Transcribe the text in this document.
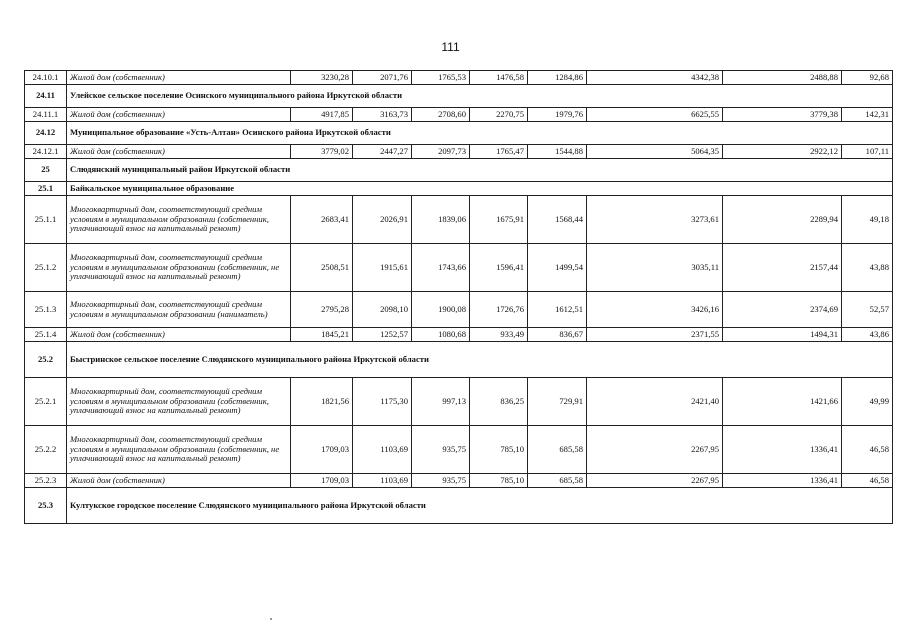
111
24.10.1	Жилой дом (собственник)	3230,28	2071,76	1765,53	1476,58	1284,86	4342,38	2488,88	92,68
24.11	Улейское сельское поселение Осинского муниципального района Иркутской области								
24.11.1	Жилой дом (собственник)	4917,85	3163,73	2708,60	2270,75	1979,76	6625,55	3779,38	142,31
24.12	Муниципальное образование «Усть-Алтан» Осинского района Иркутской области								
24.12.1	Жилой дом (собственник)	3779,02	2447,27	2097,73	1765,47	1544,88	5064,35	2922,12	107,11
25	Слюдянский муниципальный район Иркутской области								
25.1	Байкальское муниципальное образование								
25.1.1	Многоквартирный дом, соответствующий средним условиям в муниципальном образовании (собственник, уплачивающий взнос на капитальный ремонт)	2683,41	2026,91	1839,06	1675,91	1568,44	3273,61	2289,94	49,18
25.1.2	Многоквартирный дом, соответствующий средним условиям в муниципальном образовании (собственник, не уплачивающий взнос на капитальный ремонт)	2508,51	1915,61	1743,66	1596,41	1499,54	3035,11	2157,44	43,88
25.1.3	Многоквартирный дом, соответствующий средним условиям в муниципальном образовании (наниматель)	2795,28	2098,10	1900,08	1726,76	1612,51	3426,16	2374,69	52,57
25.1.4	Жилой дом (собственник)	1845,21	1252,57	1080,68	933,49	836,67	2371,55	1494,31	43,86
25.2	Быстринское сельское поселение Слюдянского муниципального района Иркутской области								
25.2.1	Многоквартирный дом, соответствующий средним условиям в муниципальном образовании (собственник, уплачивающий взнос на капитальный ремонт)	1821,56	1175,30	997,13	836,25	729,91	2421,40	1421,66	49,99
25.2.2	Многоквартирный дом, соответствующий средним условиям в муниципальном образовании (собственник, не уплачивающий взнос на капитальный ремонт)	1709,03	1103,69	935,75	785,10	685,58	2267,95	1336,41	46,58
25.2.3	Жилой дом (собственник)	1709,03	1103,69	935,75	785,10	685,58	2267,95	1336,41	46,58
25.3	Култукское городское поселение Слюдянского муниципального района Иркутской области								
